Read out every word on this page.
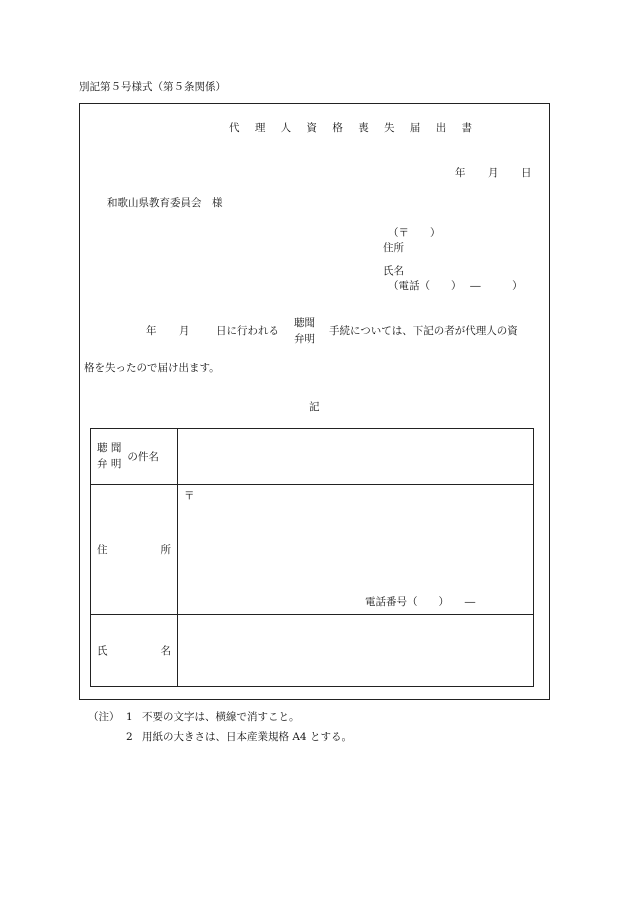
別記第５号様式（第５条関係）
代 理 人 資 格 喪 失 届 出 書
年 月 日
和歌山県教育委員会　様
（〒　　）
住所
氏名
（電話（　　）　 ―　　　）
年 月	日に行われる
聴聞
弁明
手続については、下記の者が代理人の資
格を失ったので届け出ます。
記
聴 聞
弁 明
の件名	

住 所	〒
電話番号（　　）　　―

氏 名	

（注） 1 不要の文字は、横線で消すこと。
2 用紙の大きさは、日本産業規格 A4 とする。
